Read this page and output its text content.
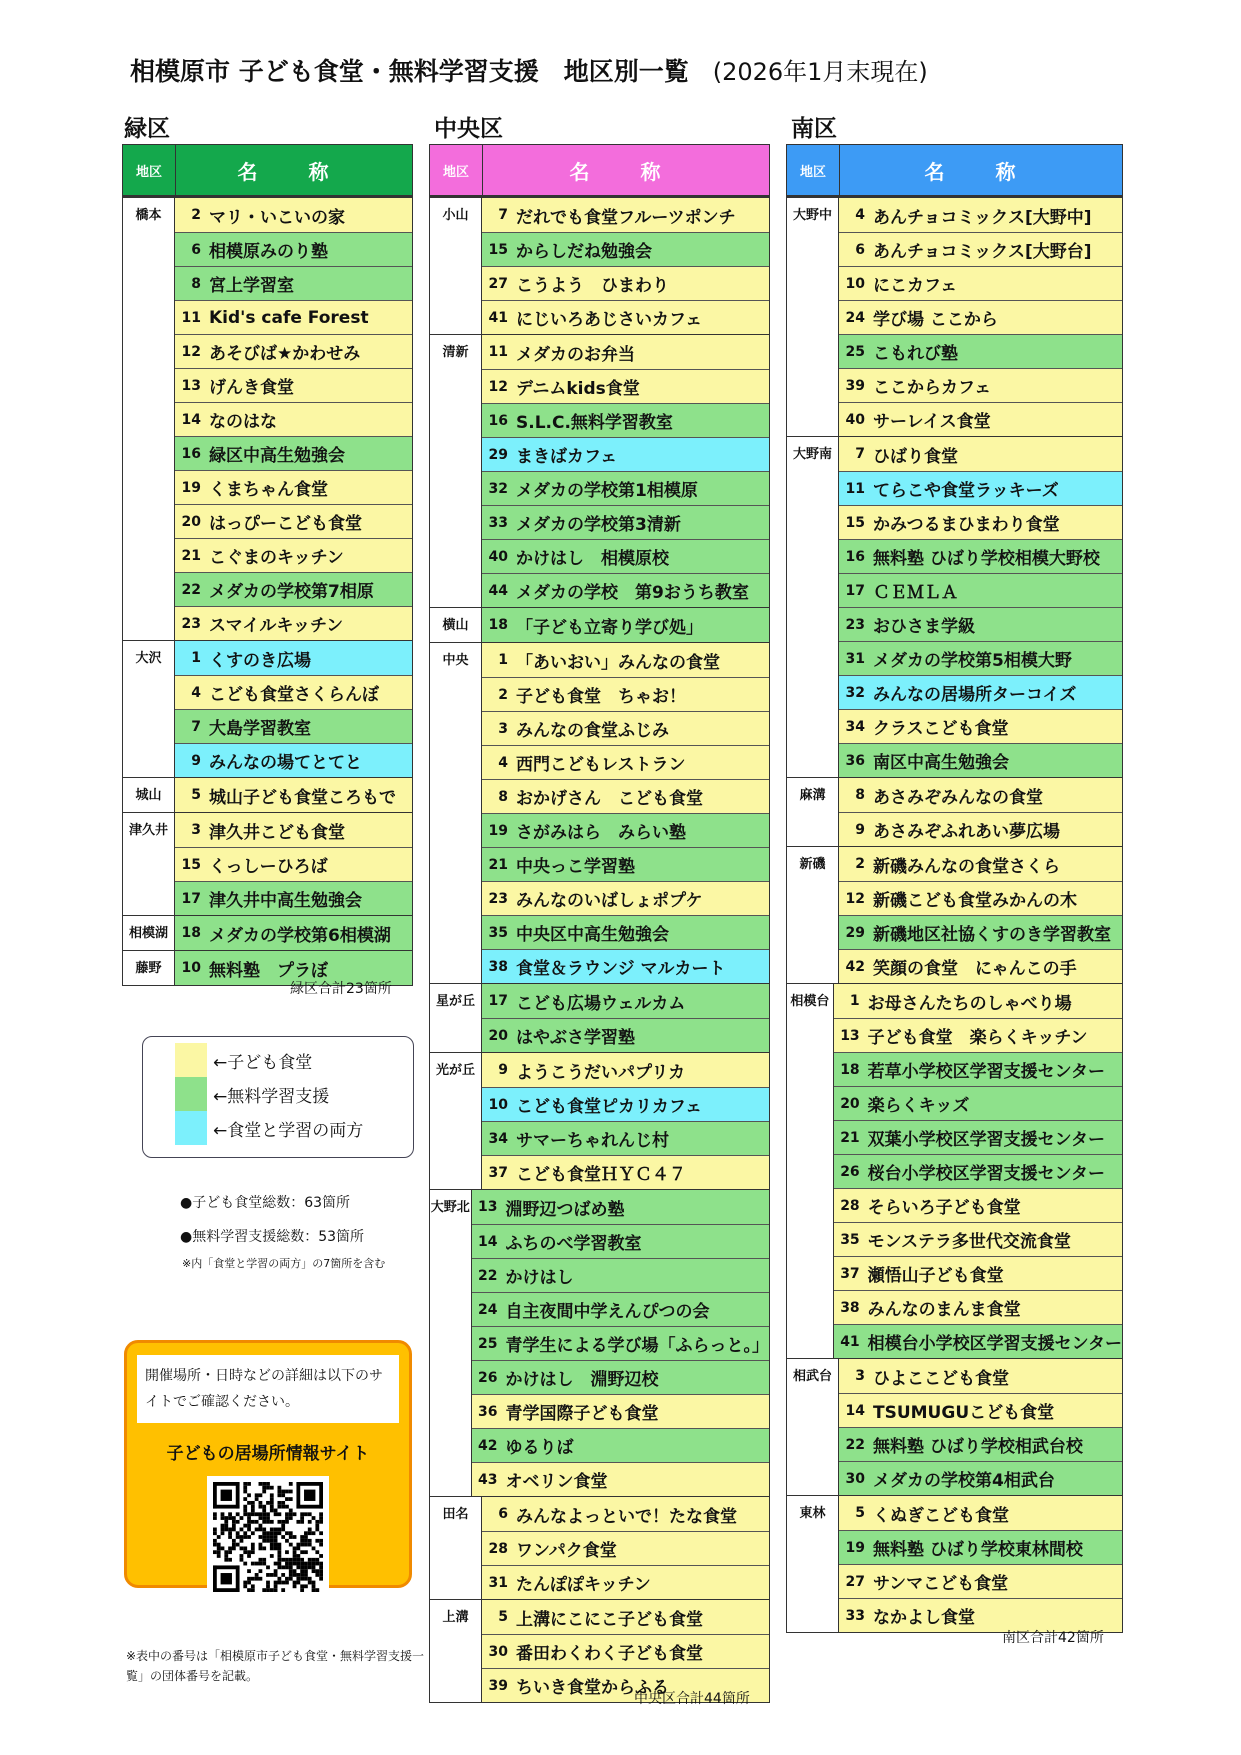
相模原市 子ども食堂・無料学習支援　地区別一覧 (2026年1月末現在)
緑区	中央区	南区
地区	名 称
橋本	2 マリ・いこいの家
6 相模原みのり塾
8 宮上学習室
11 Kid's cafe Forest
12 あそびば★かわせみ
13 げんき食堂
14 なのはな
16 緑区中高生勉強会
19 くまちゃん食堂
20 はっぴーこども食堂
21 こぐまのキッチン
22 メダカの学校第7相原
23 スマイルキッチン
大沢	1 くすのき広場
4 こども食堂さくらんぼ
7 大島学習教室
9 みんなの場てとてと
城山	5 城山子ども食堂ころもで
津久井	3 津久井こども食堂
15 くっしーひろば
17 津久井中高生勉強会
相模湖 18 メダカの学校第6相模湖
藤野	10 無料塾　プラぼ
地区	名 称
小山	7 だれでも食堂フルーツポンチ
15 からしだね勉強会
27 こうよう　ひまわり
41 にじいろあじさいカフェ
清新	11 メダカのお弁当
12 デニムkids食堂
16 S.L.C.無料学習教室
29 まきばカフェ
32 メダカの学校第1相模原
33 メダカの学校第3清新
40 かけはし　相模原校
44 メダカの学校　第9おうち教室
横山	18 「子ども立寄り学び処」
中央	1 「あいおい」みんなの食堂
2 子ども食堂　ちゃお！
3 みんなの食堂ふじみ
4 西門こどもレストラン
8 おかげさん　こども食堂
19 さがみはら　みらい塾
21 中央っこ学習塾
23 みんなのいばしょポプケ
35 中央区中高生勉強会
38 食堂＆ラウンジ マルカート
星が丘 17 こども広場ウェルカム
20 はやぶさ学習塾
光が丘	9 ようこうだいパプリカ
10 こども食堂ピカリカフェ
34 サマーちゃれんじ村
37 こども食堂ＨＹＣ４７
大野北 13 淵野辺つばめ塾
14 ふちのべ学習教室
22 かけはし
24 自主夜間中学えんぴつの会
25 青学生による学び場「ふらっと。」
26 かけはし　淵野辺校
36 青学国際子ども食堂
42 ゆるりば
43 オベリン食堂
田名	6 みんなよっといで！たな食堂
28 ワンパク食堂
31 たんぽぽキッチン
上溝	5 上溝にこにこ子ども食堂
30 番田わくわく子ども食堂
39 ちいき食堂からふる
地区	名 称
大野中	4 あんチョコミックス[大野中]
6 あんチョコミックス[大野台]
10 にこカフェ
24 学び場 ここから
25 こもれび塾
39 ここからカフェ
40 サーレイス食堂
大野南	7 ひばり食堂
11 てらこや食堂ラッキーズ
15 かみつるまひまわり食堂
16 無料塾 ひばり学校相模大野校
17 ＣＥＭＬＡ
23 おひさま学級
31 メダカの学校第5相模大野
32 みんなの居場所ターコイズ
34 クラスこども食堂
36 南区中高生勉強会
麻溝	8 あさみぞみんなの食堂
9 あさみぞふれあい夢広場
新磯	2 新磯みんなの食堂さくら
12 新磯こども食堂みかんの木
29 新磯地区社協くすのき学習教室
42 笑顔の食堂　にゃんこの手
相模台	1 お母さんたちのしゃべり場
13 子ども食堂　楽らくキッチン
18 若草小学校区学習支援センター
20 楽らくキッズ
21 双葉小学校区学習支援センター
26 桜台小学校区学習支援センター
28 そらいろ子ども食堂
35 モンステラ多世代交流食堂
37 瀬悟山子ども食堂
38 みんなのまんま食堂
41 相模台小学校区学習支援センター
相武台	3 ひよここども食堂
14 TSUMUGUこども食堂
22 無料塾 ひばり学校相武台校
30 メダカの学校第4相武台
東林	5 くぬぎこども食堂
19 無料塾 ひばり学校東林間校
27 サンマこども食堂
33 なかよし食堂
緑区合計23箇所
中央区合計44箇所
南区合計42箇所
←子ども食堂
←無料学習支援
←食堂と学習の両方
●子ども食堂総数：63箇所
●無料学習支援総数：53箇所
※内「食堂と学習の両方」の7箇所を含む
開催場所・日時などの詳細は以下のサイトでご確認ください。
子どもの居場所情報サイト
※表中の番号は「相模原市子ども食堂・無料学習支援一覧」の団体番号を記載。
